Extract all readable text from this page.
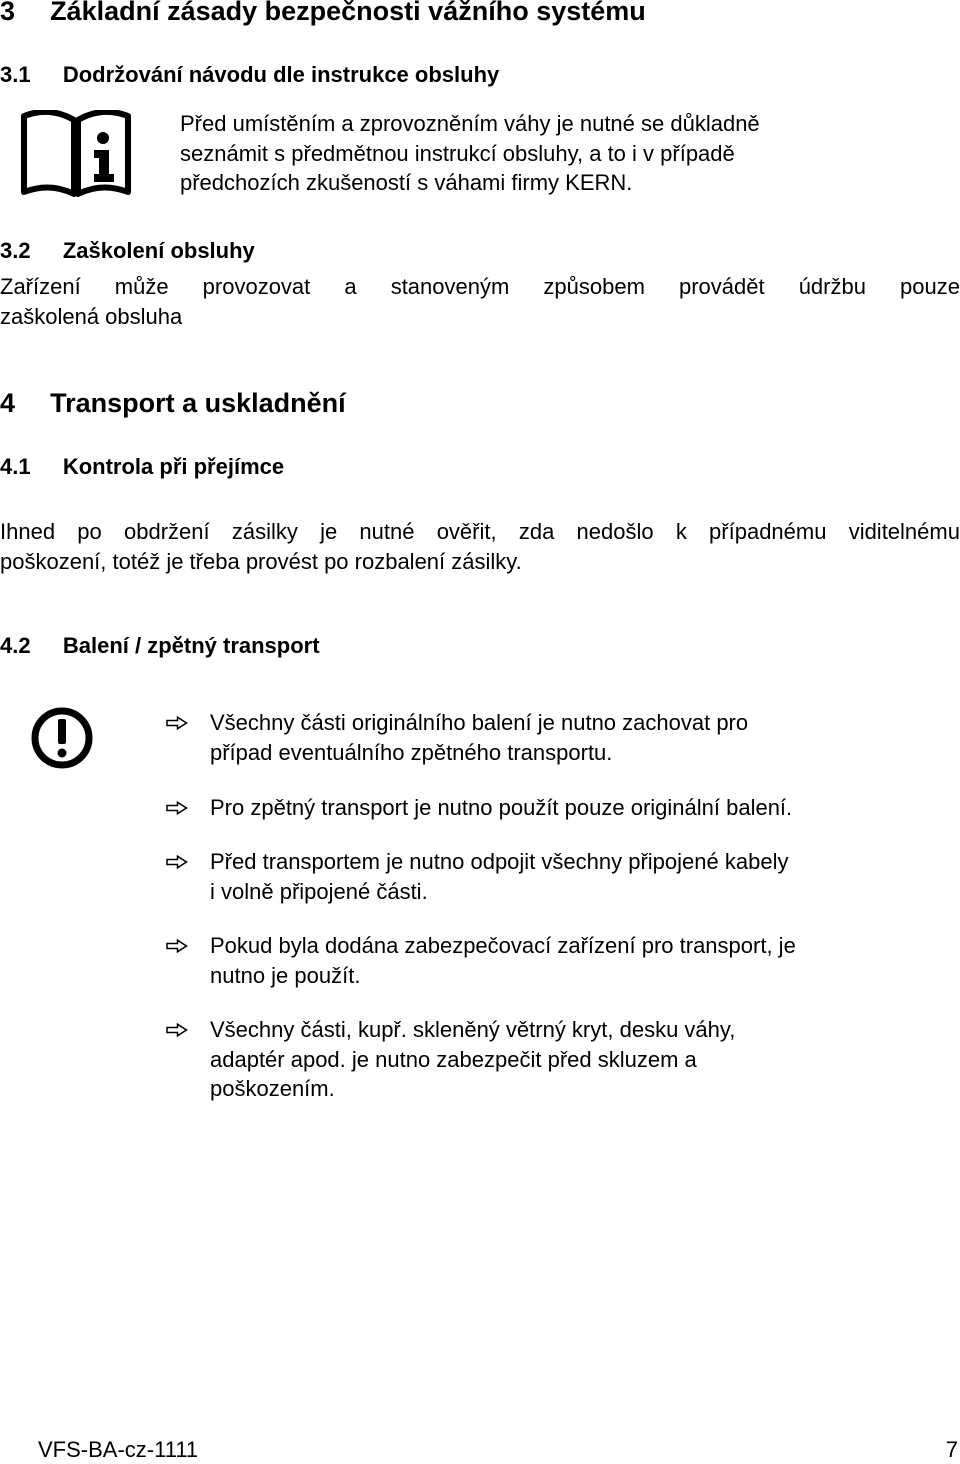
3 Základní zásady bezpečnosti vážního systému
3.1 Dodržování návodu dle instrukce obsluhy
Před umístěním a zprovozněním váhy je nutné se důkladně
seznámit s předmětnou instrukcí obsluhy, a to i v případě
předchozích zkušeností s váhami firmy KERN.
3.2 Zaškolení obsluhy
Zařízení může provozovat a stanoveným způsobem provádět údržbu pouze
zaškolená obsluha
4 Transport a uskladnění
4.1 Kontrola při přejímce
Ihned po obdržení zásilky je nutné ověřit, zda nedošlo k případnému viditelnému
poškození, totéž je třeba provést po rozbalení zásilky.
4.2 Balení / zpětný transport
Všechny části originálního balení je nutno zachovat pro
případ eventuálního zpětného transportu.
Pro zpětný transport je nutno použít pouze originální balení.
Před transportem je nutno odpojit všechny připojené kabely
i volně připojené části.
Pokud byla dodána zabezpečovací zařízení pro transport, je
nutno je použít.
Všechny části, kupř. skleněný větrný kryt, desku váhy,
adaptér apod. je nutno zabezpečit před skluzem a
poškozením.
VFS-BA-cz-1111	7
